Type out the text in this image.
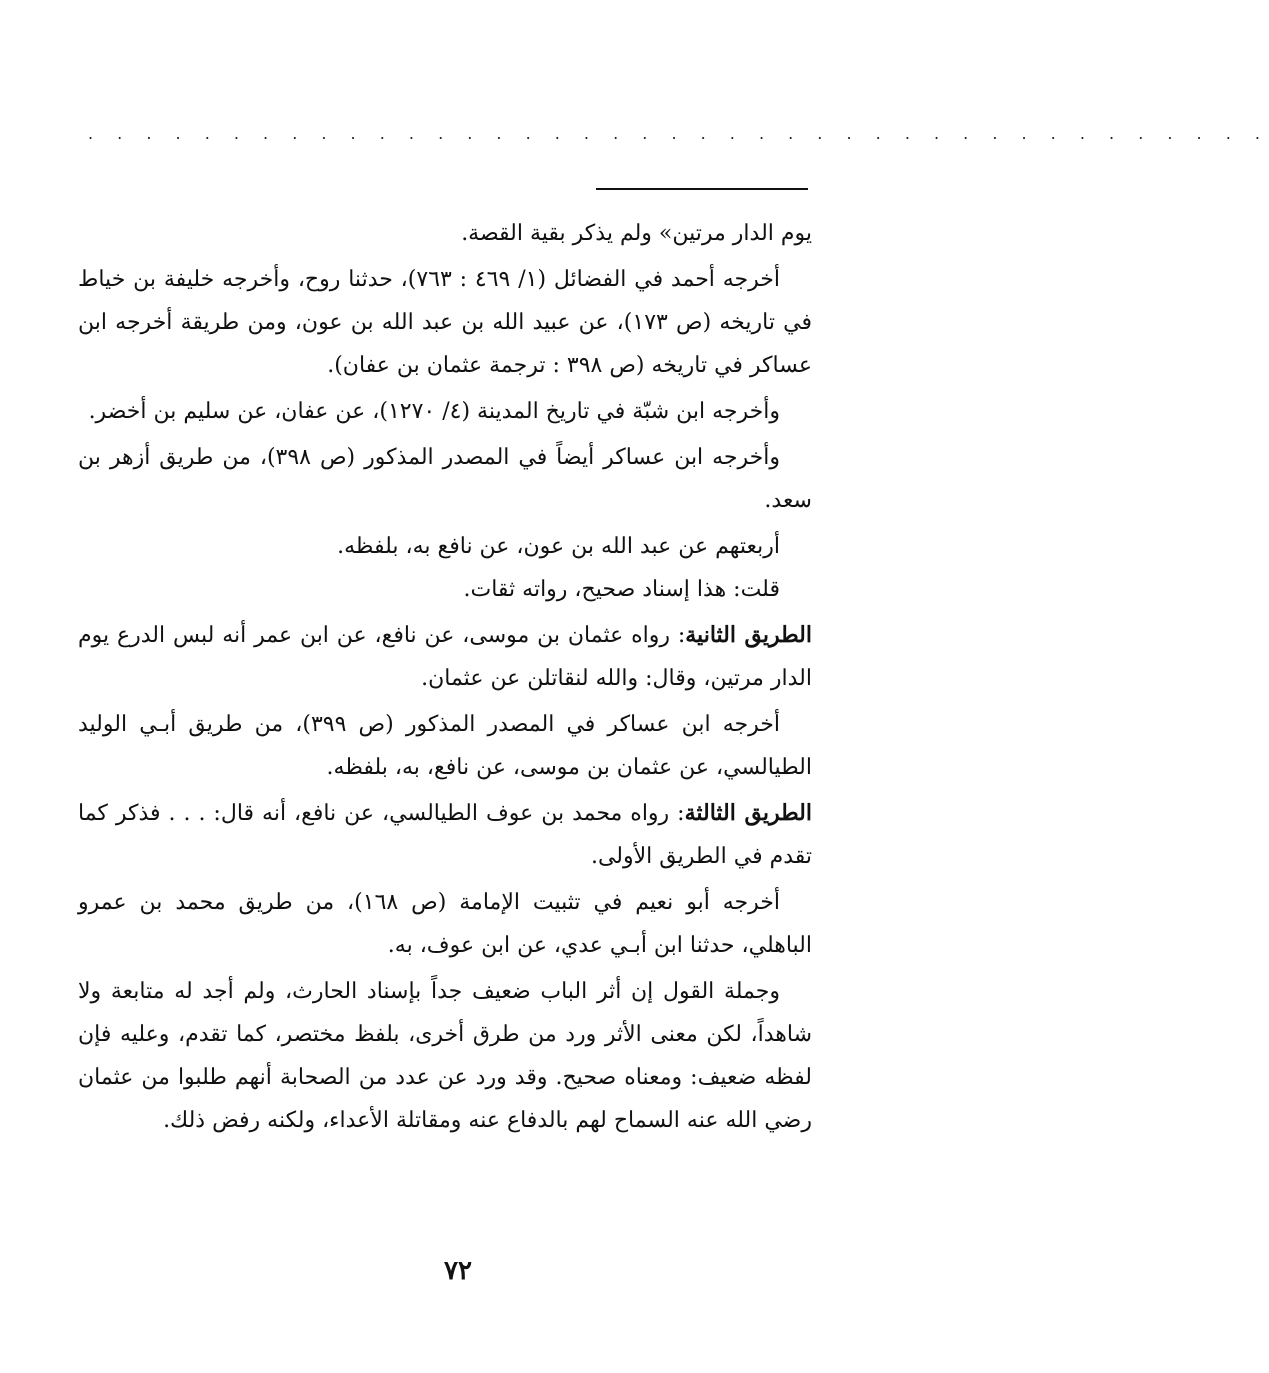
. . . . . . . . . . . . . . . . . . . . . . . . . . . . . . . . . . . . . . . . .

يوم الدار مرتين» ولم يذكر بقية القصة.

أخرجه أحمد في الفضائل (١/ ٤٦٩ : ٧٦٣)، حدثنا روح، وأخرجه خليفة بن خياط في تاريخه (ص ١٧٣)، عن عبيد الله بن عبد الله بن عون، ومن طريقة أخرجه ابن عساكر في تاريخه (ص ٣٩٨ : ترجمة عثمان بن عفان).

وأخرجه ابن شبّة في تاريخ المدينة (٤/ ١٢٧٠)، عن عفان، عن سليم بن أخضر.

وأخرجه ابن عساكر أيضاً في المصدر المذكور (ص ٣٩٨)، من طريق أزهر بن سعد.

أربعتهم عن عبد الله بن عون، عن نافع به، بلفظه.

قلت: هذا إسناد صحيح، رواته ثقات.

الطريق الثانية: رواه عثمان بن موسى، عن نافع، عن ابن عمر أنه لبس الدرع يوم الدار مرتين، وقال: والله لنقاتلن عن عثمان.

أخرجه ابن عساكر في المصدر المذكور (ص ٣٩٩)، من طريق أبـي الوليد الطيالسي، عن عثمان بن موسى، عن نافع، به، بلفظه.

الطريق الثالثة: رواه محمد بن عوف الطيالسي، عن نافع، أنه قال: . . . فذكر كما تقدم في الطريق الأولى.

أخرجه أبو نعيم في تثبيت الإمامة (ص ١٦٨)، من طريق محمد بن عمرو الباهلي، حدثنا ابن أبـي عدي، عن ابن عوف، به.

وجملة القول إن أثر الباب ضعيف جداً بإسناد الحارث، ولم أجد له متابعة ولا شاهداً، لكن معنى الأثر ورد من طرق أخرى، بلفظ مختصر، كما تقدم، وعليه فإن لفظه ضعيف: ومعناه صحيح. وقد ورد عن عدد من الصحابة أنهم طلبوا من عثمان رضي الله عنه السماح لهم بالدفاع عنه ومقاتلة الأعداء، ولكنه رفض ذلك.

٧٢
